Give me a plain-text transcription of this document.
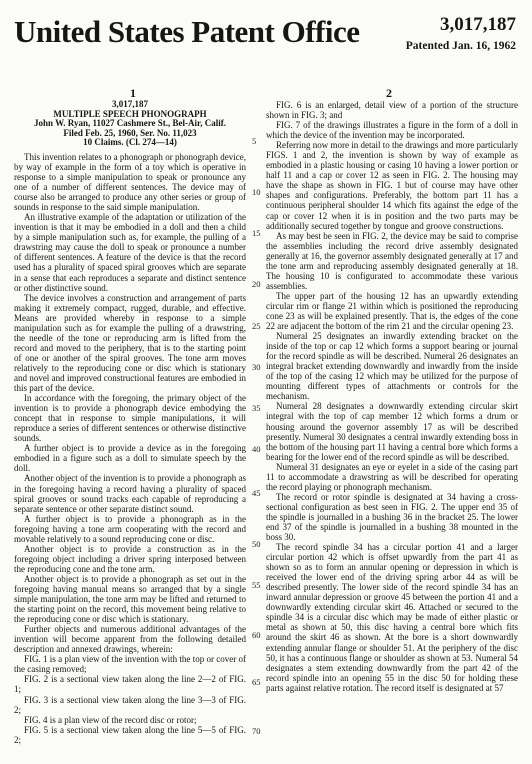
United States Patent Office	3,017,187
Patented Jan. 16, 1962
1	2
3,017,187
MULTIPLE SPEECH PHONOGRAPH
John W. Ryan, 11027 Cashmere St., Bel-Air, Calif.
Filed Feb. 25, 1960, Ser. No. 11,023
10 Claims. (Cl. 274—14)

This invention relates to a phonograph or phonograph device, by way of example in the form of a toy which is operative in response to a simple manipulation to speak or pronounce any one of a number of different sentences. The device may of course also be arranged to produce any other series or group of sounds in response to the said simple manipulation.

An illustrative example of the adaptation or utilization of the invention is that it may be embodied in a doll and then a child by a simple manipulation such as, for example, the pulling of a drawstring may cause the doll to speak or pronounce a number of different sentences. A feature of the device is that the record used has a plurality of spaced spiral grooves which are separate in a sense that each reproduces a separate and distinct sentence or other distinctive sound.

The device involves a construction and arrangement of parts making it extremely compact, rugged, durable, and effective. Means are provided whereby in response to a simple manipulation such as for example the pulling of a drawstring, the needle of the tone or reproducing arm is lifted from the record and moved to the periphery, that is to the starting point of one or another of the spiral grooves. The tone arm moves relatively to the reproducing cone or disc which is stationary and novel and improved constructional features are embodied in this part of the device.

In accordance with the foregoing, the primary object of the invention is to provide a phonograph device embodying the concept that in response to simple manipulations, it will reproduce a series of different sentences or otherwise distinctive sounds.

A further object is to provide a device as in the foregoing embodied in a figure such as a doll to simulate speech by the doll.

Another object of the invention is to provide a phonograph as in the foregoing having a record having a plurality of spaced spiral grooves or sound tracks each capable of reproducing a separate sentence or other separate distinct sound.

A further object is to provide a phonograph as in the foregoing having a tone arm cooperating with the record and movable relatively to a sound reproducing cone or disc.

Another object is to provide a construction as in the foregoing object including a driver spring interposed between the reproducing cone and the tone arm.

Another object is to provide a phonograph as set out in the foregoing having manual means so arranged that by a single simple manipulation, the tone arm may be lifted and returned to the starting point on the record, this movement being relative to the reproducing cone or disc which is stationary.

Further objects and numerous additional advantages of the invention will become apparent from the following detailed description and annexed drawings, wherein:

FIG. 1 is a plan view of the invention with the top or cover of the casing removed;

FIG. 2 is a sectional view taken along the line 2—2 of FIG. 1;

FIG. 3 is a sectional view taken along the line 3—3 of FIG. 2;

FIG. 4 is a plan view of the record disc or rotor;

FIG. 5 is a sectional view taken along the line 5—5 of FIG. 2;

FIG. 6 is an enlarged, detail view of a portion of the structure shown in FIG. 3; and

FIG. 7 of the drawings illustrates a figure in the form of a doll in which the device of the invention may be incorporated.

Referring now more in detail to the drawings and more particularly FIGS. 1 and 2, the invention is shown by way of example as embodied in a plastic housing or casing 10 having a lower portion or half 11 and a cap or cover 12 as seen in FIG. 2. The housing may have the shape as shown in FIG. 1 but of course may have other shapes and configurations. Preferably, the bottom part 11 has a continuous peripheral shoulder 14 which fits against the edge of the cap or cover 12 when it is in position and the two parts may be additionally secured together by tongue and groove constructions.

As may best be seen in FIG. 2, the device may be said to comprise the assemblies including the record drive assembly designated generally at 16, the governor assembly designated generally at 17 and the tone arm and reproducing assembly designated generally at 18. The housing 10 is configurated to accommodate these various assemblies.

The upper part of the housing 12 has an upwardly extending circular rim or flange 21 within which is positioned the reproducing cone 23 as will be explained presently. That is, the edges of the cone 22 are adjacent the bottom of the rim 21 and the circular opening 23.

Numeral 25 designates an inwardly extending bracket on the inside of the top or cap 12 which forms a support bearing or journal for the record spindle as will be described. Numeral 26 designates an integral bracket extending downwardly and inwardly from the inside of the top of the casing 12 which may be utilized for the purpose of mounting different types of attachments or controls for the mechanism.

Numeral 28 designates a downwardly extending circular skirt integral with the top of cap member 12 which forms a drum or housing around the governor assembly 17 as will be described presently. Numeral 30 designates a central inwardly extending boss in the bottom of the housing part 11 having a central bore which forms a bearing for the lower end of the record spindle as will be described.

Numeral 31 designates an eye or eyelet in a side of the casing part 11 to accommodate a drawstring as will be described for operating the record playing or phonograph mechanism.

The record or rotor spindle is designated at 34 having a cross-sectional configuration as best seen in FIG. 2. The upper end 35 of the spindle is journalled in a bushing 36 in the bracket 25. The lower end 37 of the spindle is journalled in a bushing 38 mounted in the boss 30.

The record spindle 34 has a circular portion 41 and a larger circular portion 42 which is offset upwardly from the part 41 as shown so as to form an annular opening or depression in which is received the lower end of the driving spring arbor 44 as will be described presently. The lower side of the record spindle 34 has an inward annular depression or groove 45 between the portion 41 and a downwardly extending circular skirt 46. Attached or secured to the spindle 34 is a circular disc which may be made of either plastic or metal as shown at 50, this disc having a central bore which fits around the skirt 46 as shown. At the bore is a short downwardly extending annular flange or shoulder 51. At the periphery of the disc 50, it has a continuous flange or shoulder as shown at 53. Numeral 54 designates a stem extending downwardly from the part 42 of the record spindle into an opening 55 in the disc 50 for holding these parts against relative rotation. The record itself is designated at 57

5
10
15
20
25
30
35
40
45
50
55
60
65
70
